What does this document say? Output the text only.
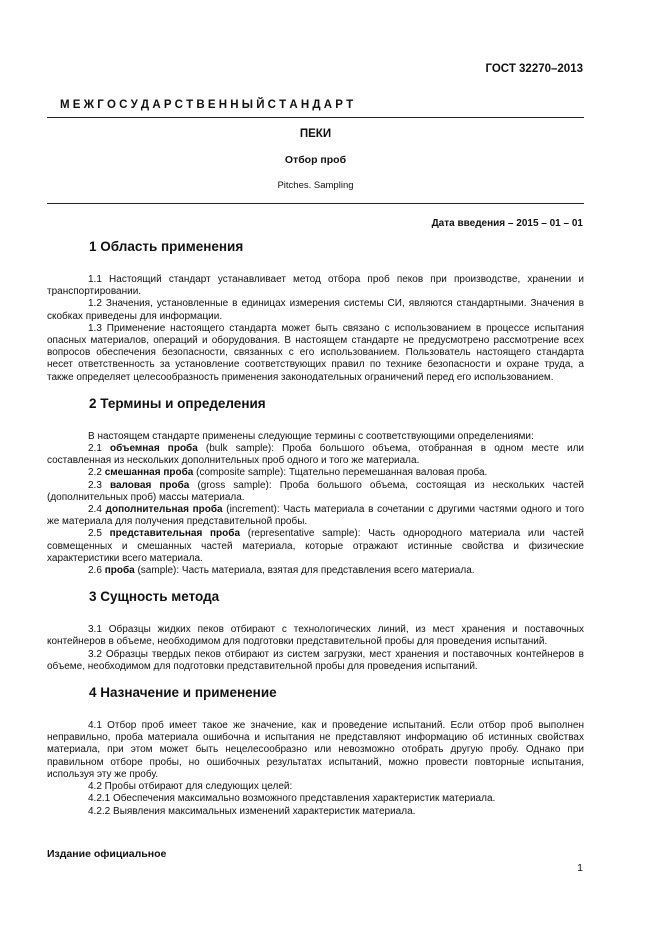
ГОСТ 32270–2013
М Е Ж Г О С У Д А Р С Т В Е Н Н Ы Й С Т А Н Д А Р Т
ПЕКИ
Отбор проб
Pitches. Sampling
Дата введения – 2015 – 01 – 01
1 Область применения

1.1 Настоящий стандарт устанавливает метод отбора проб пеков при производстве, хранении и транспортировании.

1.2 Значения, установленные в единицах измерения системы СИ, являются стандартными. Значения в скобках приведены для информации.

1.3 Применение настоящего стандарта может быть связано с использованием в процессе испытания опасных материалов, операций и оборудования. В настоящем стандарте не предусмотрено рассмотрение всех вопросов обеспечения безопасности, связанных с его использованием. Пользователь настоящего стандарта несет ответственность за установление соответствующих правил по технике безопасности и охране труда, а также определяет целесообразность применения законодательных ограничений перед его использованием.

2 Термины и определения

В настоящем стандарте применены следующие термины с соответствующими определениями:

2.1 объемная проба (bulk sample): Проба большого объема, отобранная в одном месте или составленная из нескольких дополнительных проб одного и того же материала.

2.2 смешанная проба (composite sample): Тщательно перемешанная валовая проба.

2.3 валовая проба (gross sample): Проба большого объема, состоящая из нескольких частей (дополнительных проб) массы материала.

2.4 дополнительная проба (increment): Часть материала в сочетании с другими частями одного и того же материала для получения представительной пробы.

2.5 представительная проба (representative sample): Часть однородного материала или частей совмещенных и смешанных частей материала, которые отражают истинные свойства и физические характеристики всего материала.

2.6 проба (sample): Часть материала, взятая для представления всего материала.

3 Сущность метода

3.1 Образцы жидких пеков отбирают с технологических линий, из мест хранения и поставочных контейнеров в объеме, необходимом для подготовки представительной пробы для проведения испытаний.

3.2 Образцы твердых пеков отбирают из систем загрузки, мест хранения и поставочных контейнеров в объеме, необходимом для подготовки представительной пробы для проведения испытаний.

4 Назначение и применение

4.1 Отбор проб имеет такое же значение, как и проведение испытаний. Если отбор проб выполнен неправильно, проба материала ошибочна и испытания не представляют информацию об истинных свойствах материала, при этом может быть нецелесообразно или невозможно отобрать другую пробу. Однако при правильном отборе пробы, но ошибочных результатах испытаний, можно провести повторные испытания, используя эту же пробу.

4.2 Пробы отбирают для следующих целей:

4.2.1 Обеспечения максимально возможного представления характеристик материала.

4.2.2 Выявления максимальных изменений характеристик материала.

Издание официальное
1
